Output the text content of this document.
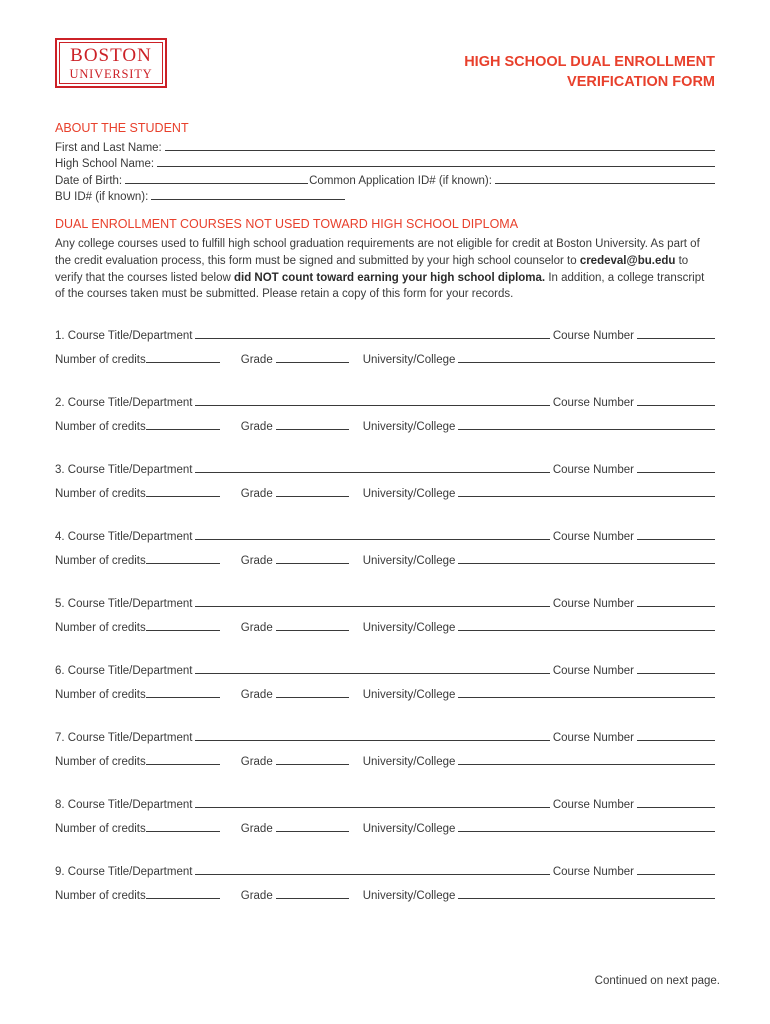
BOSTON
UNIVERSITY
HIGH SCHOOL DUAL ENROLLMENT
VERIFICATION FORM
ABOUT THE STUDENT
First and Last Name:
High School Name:
Date of Birth:	Common Application ID# (if known):
BU ID# (if known):
DUAL ENROLLMENT COURSES NOT USED TOWARD HIGH SCHOOL DIPLOMA

Any college courses used to fulfill high school graduation requirements are not eligible for credit at Boston University. As part of the credit evaluation process, this form must be signed and submitted by your high school counselor to credeval@bu.edu to verify that the courses listed below did NOT count toward earning your high school diploma. In addition, a college transcript of the courses taken must be submitted. Please retain a copy of this form for your records.

1.
Course Title/Department	Course Number
Number of credits	Grade	University/College
2.
Course Title/Department	Course Number
Number of credits	Grade	University/College
3.
Course Title/Department	Course Number
Number of credits	Grade	University/College
4.
Course Title/Department	Course Number
Number of credits	Grade	University/College
5.
Course Title/Department	Course Number
Number of credits	Grade	University/College
6.
Course Title/Department	Course Number
Number of credits	Grade	University/College
7.
Course Title/Department	Course Number
Number of credits	Grade	University/College
8.
Course Title/Department	Course Number
Number of credits	Grade	University/College
9.
Course Title/Department	Course Number
Number of credits	Grade	University/College
Continued on next page.
